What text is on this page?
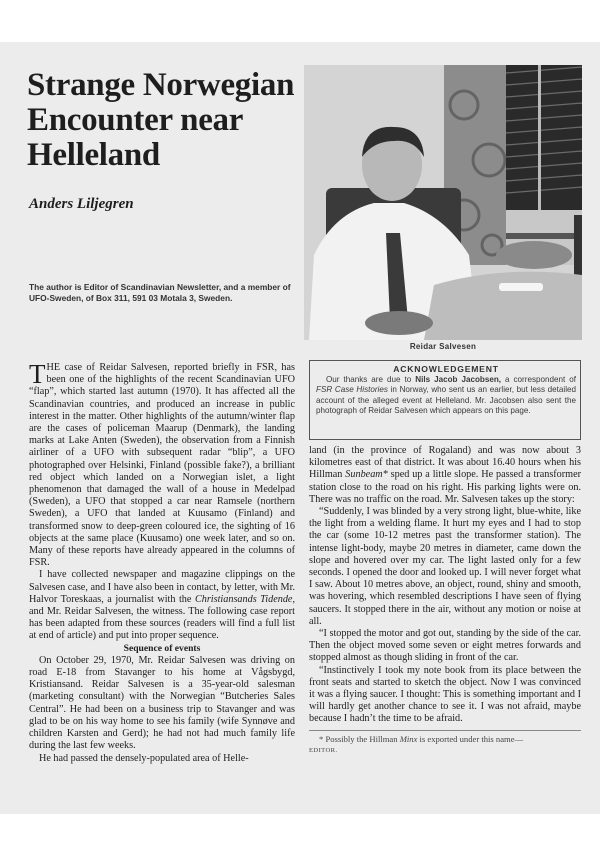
Strange Norwegian Encounter near Helleland

Anders Liljegren

The author is Editor of Scandinavian Newsletter, and a member of UFO-Sweden, of Box 311, 591 03 Motala 3, Sweden.

Reidar Salvesen

ACKNOWLEDGEMENT

Our thanks are due to Nils Jacob Jacobsen, a correspondent of FSR Case Histories in Norway, who sent us an earlier, but less detailed account of the alleged event at Helleland. Mr. Jacobsen also sent the photograph of Reidar Salvesen which appears on this page.

THE case of Reidar Salvesen, reported briefly in FSR, has been one of the highlights of the recent Scandinavian UFO “flap”, which started last autumn (1970). It has affected all the Scandinavian countries, and produced an increase in public interest in the matter. Other highlights of the autumn/winter flap are the cases of policeman Maarup (Denmark), the landing marks at Lake Anten (Sweden), the observation from a Finnish airliner of a UFO with subsequent radar “blip”, a UFO photographed over Helsinki, Finland (possible fake?), a brilliant red object which landed on a Norwegian islet, a light phenomenon that damaged the wall of a house in Medelpad (Sweden), a UFO that stopped a car near Ramsele (northern Sweden), a UFO that landed at Kuusamo (Finland) and transformed snow to deep-green coloured ice, the sighting of 16 objects at the same place (Kuusamo) one week later, and so on. Many of these reports have already appeared in the columns of FSR.

I have collected newspaper and magazine clippings on the Salvesen case, and I have also been in contact, by letter, with Mr. Halvor Toreskaas, a journalist with the Christiansands Tidende, and Mr. Reidar Salvesen, the witness. The following case report has been adapted from these sources (readers will find a full list at end of article) and put into proper sequence.

Sequence of events

On October 29, 1970, Mr. Reidar Salvesen was driving on road E-18 from Stavanger to his home at Vågsbygd, Kristiansand. Reidar Salvesen is a 35-year-old salesman (marketing consultant) with the Norwegian “Butcheries Sales Central”. He had been on a business trip to Stavanger and was glad to be on his way home to see his family (wife Synnøve and children Karsten and Gerd); he had not had much family life during the last few weeks.

He had passed the densely-populated area of Helle-

land (in the province of Rogaland) and was now about 3 kilometres east of that district. It was about 16.40 hours when his Hillman Sunbeam* sped up a little slope. He passed a transformer station close to the road on his right. His parking lights were on. There was no traffic on the road. Mr. Salvesen takes up the story:

“Suddenly, I was blinded by a very strong light, blue-white, like the light from a welding flame. It hurt my eyes and I had to stop the car (some 10-12 metres past the transformer station). The intense light-body, maybe 20 metres in diameter, came down the slope and hovered over my car. The light lasted only for a few seconds. I opened the door and looked up. I will never forget what I saw. About 10 metres above, an object, round, shiny and smooth, was hovering, which resembled descriptions I have seen of flying saucers. It stopped there in the air, without any motion or noise at all.

“I stopped the motor and got out, standing by the side of the car. Then the object moved some seven or eight metres forwards and stopped almost as though sliding in front of the car.

“Instinctively I took my note book from its place between the front seats and started to sketch the object. Now I was convinced it was a flying saucer. I thought: This is something important and I will hardly get another chance to see it. I was not afraid, maybe because I hadn’t the time to be afraid.

* Possibly the Hillman Minx is exported under this name—
EDITOR.
